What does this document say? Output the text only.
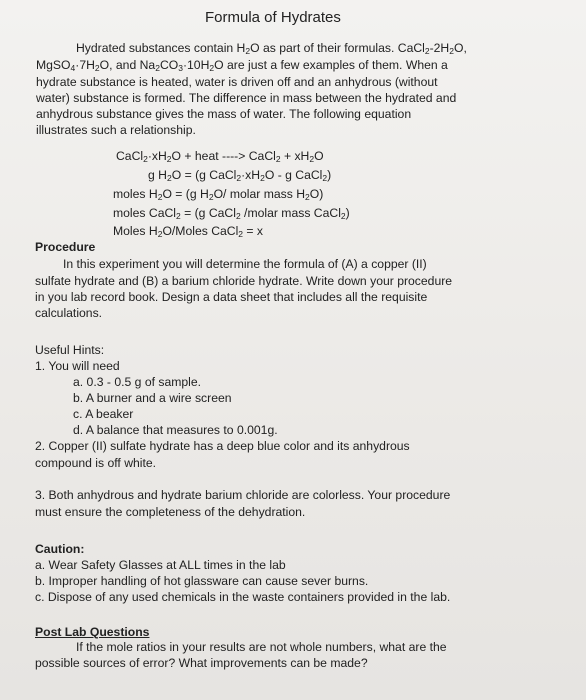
Formula of Hydrates
Hydrated substances contain $H_2O$ as part of their formulas. $CaCl_2-2H_2O$,
$MgSO_4\cdot 7H_2O$, and $Na_2CO_3\cdot 10H_2O$ are just a few examples of them. When a
hydrate substance is heated, water is driven off and an anhydrous (without
water) substance is formed. The difference in mass between the hydrated and
anhydrous substance gives the mass of water. The following equation
illustrates such a relationship.
$CaCl_2\cdot xH_2O$ + heat ----> CaCl$_2$ + $xH_2O$
g $H_2O = (g$ $CaCl_2\cdot xH_2O - g$ CaCl$_2$)
moles $H_2O = (g$ $H_2O/$ molar mass $H_2O$)
moles CaCl$_2$ = (g CaCl$_2$ /molar mass CaCl$_2$)
Moles $H_2O$/Moles CaCl$_2$ = x
Procedure
In this experiment you will determine the formula of (A) a copper (II)
sulfate hydrate and (B) a barium chloride hydrate. Write down your procedure
in you lab record book. Design a data sheet that includes all the requisite
calculations.
Useful Hints:
1. You will need
a. 0.3 - 0.5 g of sample.
b. A burner and a wire screen
c. A beaker
d. A balance that measures to 0.001g.
2. Copper (II) sulfate hydrate has a deep blue color and its anhydrous
compound is off white.
3. Both anhydrous and hydrate barium chloride are colorless. Your procedure
must ensure the completeness of the dehydration.
Caution:
a. Wear Safety Glasses at ALL times in the lab
b. Improper handling of hot glassware can cause sever burns.
c. Dispose of any used chemicals in the waste containers provided in the lab.
Post Lab Questions
If the mole ratios in your results are not whole numbers, what are the
possible sources of error? What improvements can be made?
